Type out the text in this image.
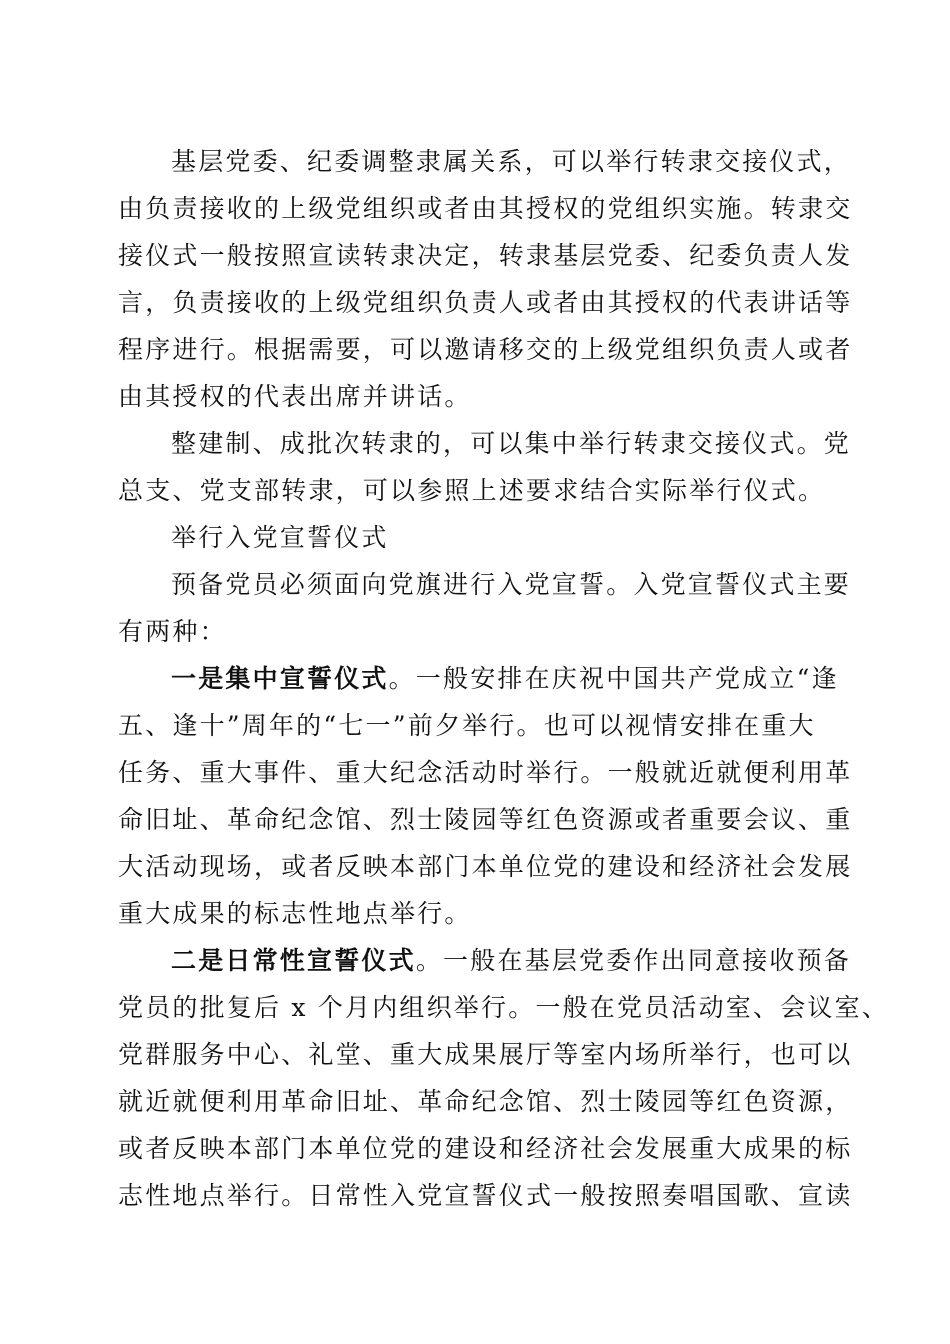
基层党委、纪委调整隶属关系，可以举行转隶交接仪式，
由负责接收的上级党组织或者由其授权的党组织实施。转隶交
接仪式一般按照宣读转隶决定，转隶基层党委、纪委负责人发
言，负责接收的上级党组织负责人或者由其授权的代表讲话等
程序进行。根据需要，可以邀请移交的上级党组织负责人或者
由其授权的代表出席并讲话。
整建制、成批次转隶的，可以集中举行转隶交接仪式。党
总支、党支部转隶，可以参照上述要求结合实际举行仪式。
举行入党宣誓仪式
预备党员必须面向党旗进行入党宣誓。入党宣誓仪式主要
有两种：
一是集中宣誓仪式。一般安排在庆祝中国共产党成立“逢
五、逢十”周年的“七一”前夕举行。也可以视情安排在重大
任务、重大事件、重大纪念活动时举行。一般就近就便利用革
命旧址、革命纪念馆、烈士陵园等红色资源或者重要会议、重
大活动现场，或者反映本部门本单位党的建设和经济社会发展
重大成果的标志性地点举行。
二是日常性宣誓仪式。一般在基层党委作出同意接收预备
党员的批复后 x 个月内组织举行。一般在党员活动室、会议室、
党群服务中心、礼堂、重大成果展厅等室内场所举行，也可以
就近就便利用革命旧址、革命纪念馆、烈士陵园等红色资源，
或者反映本部门本单位党的建设和经济社会发展重大成果的标
志性地点举行。日常性入党宣誓仪式一般按照奏唱国歌、宣读
